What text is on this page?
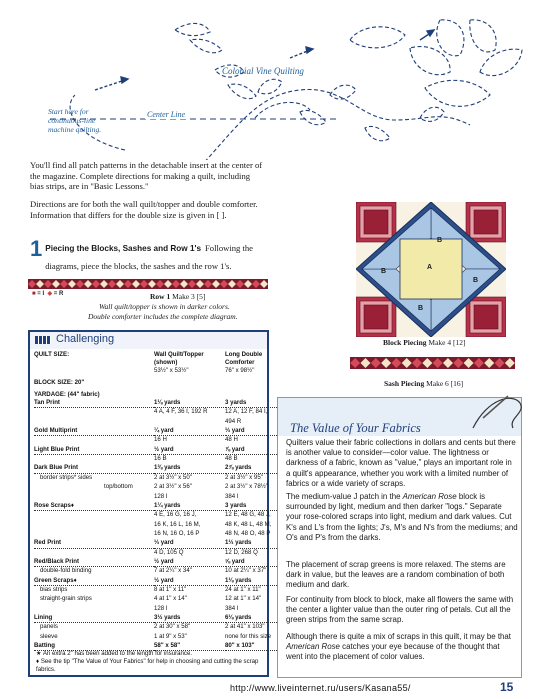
Colonial Vine Quilting
Start here for continuous-line machine quilting.
Center Line
You'll find all patch patterns in the detachable insert at the center of the magazine. Complete directions for making a quilt, including bias strips, are in "Basic Lessons."
Directions are for both the wall quilt/topper and double comforter. Information that differs for the double size is given in [ ].
1 Piecing the Blocks, Sashes and Row 1's Following the diagrams, piece the blocks, the sashes and the row 1's.
■ = I ◆ = R	Row 1 Make 3 [5]
Wall quilt/topper is shown in darker colors.
Double comforter includes the complete diagram.
A
B
B
B
B
Block Piecing Make 4 [12]
Sash Piecing Make 6 [16]
Challenging
QUILT SIZE:	Wall Quilt/Topper	Long Double
(shown)	Comforter
53½" x 53½"	76" x 98½"
BLOCK SIZE: 20"
YARDAGE: (44" fabric)
Tan Print	1⅛ yards	3 yards
4 A, 4 F, 36 I, 192 R	12 A, 12 F, 84 I,
494 R
Gold Multiprint	¼ yard	⅓ yard
16 H	48 H
Light Blue Print	½ yard	⅞ yard
16 B	48 B
Dark Blue Print	1⅜ yards	2⅞ yards
border strips* sides	2 at 3½" x 50"	2 at 3½" x 95"
top/bottom	2 at 3½" x 56"	2 at 3½" x 78½"
128 I	384 I
Rose Scraps♦	1¼ yards	3 yards
4 E, 16 G, 16 J,	12 E, 48 G, 48 J,
16 K, 16 L, 16 M,	48 K, 48 L, 48 M,
16 N, 16 O, 16 P	48 N, 48 O, 48 P
Red Print	⅓ yard	1⅓ yards
4 D, 105 Q	12 D, 268 Q
Red/Black Print	½ yard	⅝ yard
double-fold binding	7 at 2¼" x 34"	10 at 2¼" x 37"
Green Scraps♦	½ yard	1⅛ yards
bias strips	8 at 1" x 11"	24 at 1" x 11"
straight-grain strips	4 at 1" x 14"	12 at 1" x 14"
128 I	384 I
Lining	3½ yards	6⅛ yards
panels	2 at 30" x 58"	2 at 41" x 103"
sleeve	1 at 9" x 53"	none for this size
Batting	58" x 58"	80" x 103"
★ An extra 2" has been added to the length for insurance.
♦ See the tip "The Value of Your Fabrics" for help in choosing and cutting the scrap fabrics.
The Value of Your Fabrics
Quilters value their fabric collections in dollars and cents but there is another value to consider—color value. The lightness or darkness of a fabric, known as "value," plays an important role in a quilt's appearance, whether you work with a limited number of fabrics or a wide variety of scraps.
The medium-value J patch in the American Rose block is surrounded by light, medium and then darker "logs." Separate your rose-colored scraps into light, medium and dark values. Cut K's and L's from the lights; J's, M's and N's from the mediums; and O's and P's from the darks.
The placement of scrap greens is more relaxed. The stems are dark in value, but the leaves are a random combination of both medium and dark.
For continuity from block to block, make all flowers the same with the center a lighter value than the outer ring of petals. Cut all the green strips from the same scrap.
Although there is quite a mix of scraps in this quilt, it may be that American Rose catches your eye because of the thought that went into the placement of color values.
http://www.liveinternet.ru/users/Kasana55/	15
